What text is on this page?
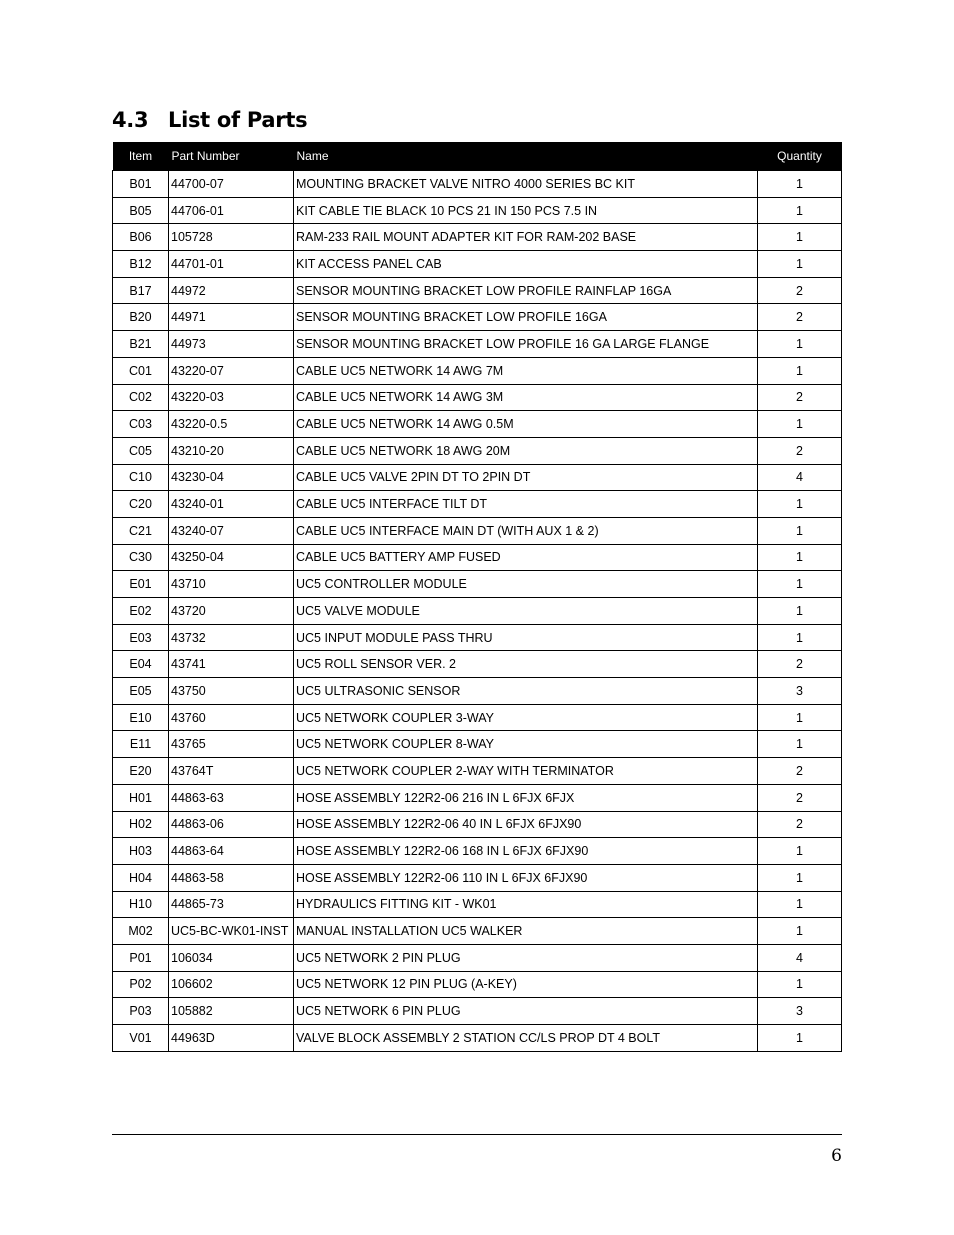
4.3 List of Parts
Item	Part Number	Name	Quantity
B01	44700-07	MOUNTING BRACKET VALVE NITRO 4000 SERIES BC KIT	1
B05	44706-01	KIT CABLE TIE BLACK 10 PCS 21 IN 150 PCS 7.5 IN	1
B06	105728	RAM-233 RAIL MOUNT ADAPTER KIT FOR RAM-202 BASE	1
B12	44701-01	KIT ACCESS PANEL CAB	1
B17	44972	SENSOR MOUNTING BRACKET LOW PROFILE RAINFLAP 16GA	2
B20	44971	SENSOR MOUNTING BRACKET LOW PROFILE 16GA	2
B21	44973	SENSOR MOUNTING BRACKET LOW PROFILE 16 GA LARGE FLANGE	1
C01	43220-07	CABLE UC5 NETWORK 14 AWG 7M	1
C02	43220-03	CABLE UC5 NETWORK 14 AWG 3M	2
C03	43220-0.5	CABLE UC5 NETWORK 14 AWG 0.5M	1
C05	43210-20	CABLE UC5 NETWORK 18 AWG 20M	2
C10	43230-04	CABLE UC5 VALVE 2PIN DT TO 2PIN DT	4
C20	43240-01	CABLE UC5 INTERFACE TILT DT	1
C21	43240-07	CABLE UC5 INTERFACE MAIN DT (WITH AUX 1 & 2)	1
C30	43250-04	CABLE UC5 BATTERY AMP FUSED	1
E01	43710	UC5 CONTROLLER MODULE	1
E02	43720	UC5 VALVE MODULE	1
E03	43732	UC5 INPUT MODULE PASS THRU	1
E04	43741	UC5 ROLL SENSOR VER. 2	2
E05	43750	UC5 ULTRASONIC SENSOR	3
E10	43760	UC5 NETWORK COUPLER 3-WAY	1
E11	43765	UC5 NETWORK COUPLER 8-WAY	1
E20	43764T	UC5 NETWORK COUPLER 2-WAY WITH TERMINATOR	2
H01	44863-63	HOSE ASSEMBLY 122R2-06 216 IN L 6FJX 6FJX	2
H02	44863-06	HOSE ASSEMBLY 122R2-06 40 IN L 6FJX 6FJX90	2
H03	44863-64	HOSE ASSEMBLY 122R2-06 168 IN L 6FJX 6FJX90	1
H04	44863-58	HOSE ASSEMBLY 122R2-06 110 IN L 6FJX 6FJX90	1
H10	44865-73	HYDRAULICS FITTING KIT - WK01	1
M02	UC5-BC-WK01-INST	MANUAL INSTALLATION UC5 WALKER	1
P01	106034	UC5 NETWORK 2 PIN PLUG	4
P02	106602	UC5 NETWORK 12 PIN PLUG (A-KEY)	1
P03	105882	UC5 NETWORK 6 PIN PLUG	3
V01	44963D	VALVE BLOCK ASSEMBLY 2 STATION CC/LS PROP DT 4 BOLT	1
6
